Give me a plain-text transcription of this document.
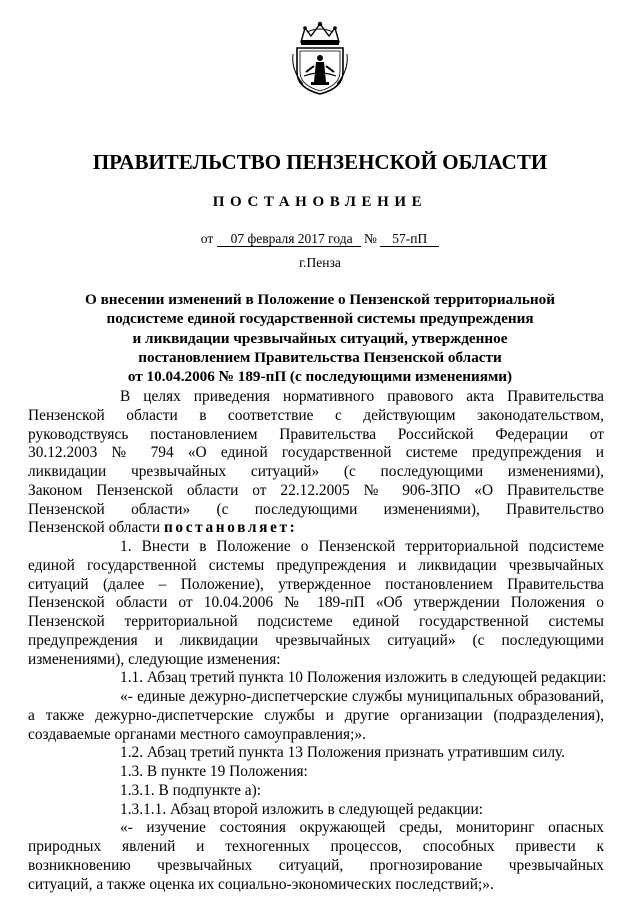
ПРАВИТЕЛЬСТВО ПЕНЗЕНСКОЙ ОБЛАСТИ
ПОСТАНОВЛЕНИЕ
от 07 февраля 2017 года № 57-пП
г.Пенза
О внесении изменений в Положение о Пензенской территориальной
подсистеме единой государственной системы предупреждения
и ликвидации чрезвычайных ситуаций, утвержденное
постановлением Правительства Пензенской области
от 10.04.2006 № 189-пП (с последующими изменениями)
В целях приведения нормативного правового акта Правительства
Пензенской области в соответствие с действующим законодательством,
руководствуясь постановлением Правительства Российской Федерации от
30.12.2003 № 794 «О единой государственной системе предупреждения и
ликвидации чрезвычайных ситуаций» (с последующими изменениями),
Законом Пензенской области от 22.12.2005 № 906-ЗПО «О Правительстве
Пензенской области» (с последующими изменениями), Правительство
Пензенской области постановляет:
1. Внести в Положение о Пензенской территориальной подсистеме
единой государственной системы предупреждения и ликвидации чрезвычайных
ситуаций (далее – Положение), утвержденное постановлением Правительства
Пензенской области от 10.04.2006 № 189-пП «Об утверждении Положения о
Пензенской территориальной подсистеме единой государственной системы
предупреждения и ликвидации чрезвычайных ситуаций» (с последующими
изменениями), следующие изменения:
1.1. Абзац третий пункта 10 Положения изложить в следующей редакции:
«- единые дежурно-диспетчерские службы муниципальных образований,
а также дежурно-диспетчерские службы и другие организации (подразделения),
создаваемые органами местного самоуправления;».
1.2. Абзац третий пункта 13 Положения признать утратившим силу.
1.3. В пункте 19 Положения:
1.3.1. В подпункте а):
1.3.1.1. Абзац второй изложить в следующей редакции:
«- изучение состояния окружающей среды, мониторинг опасных
природных явлений и техногенных процессов, способных привести к
возникновению чрезвычайных ситуаций, прогнозирование чрезвычайных
ситуаций, а также оценка их социально-экономических последствий;».
